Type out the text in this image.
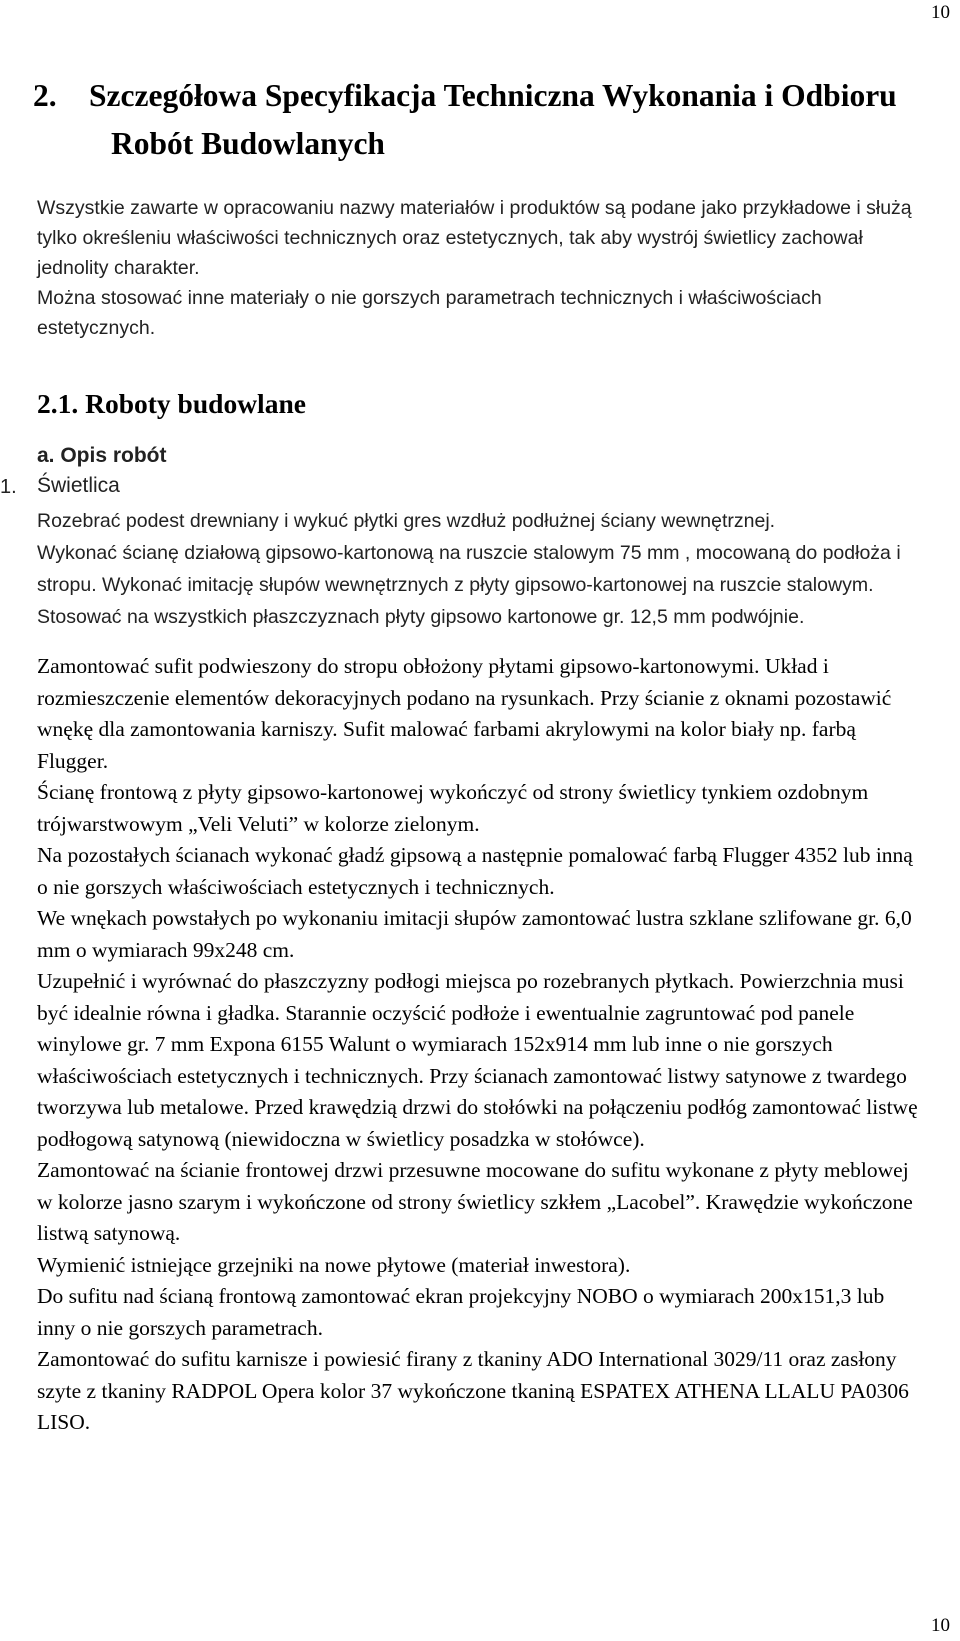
10
2. Szczegółowa Specyfikacja Techniczna Wykonania i Odbioru
Robót Budowlanych

Wszystkie zawarte w opracowaniu nazwy materiałów i produktów są podane jako przykładowe i służą tylko określeniu właściwości technicznych oraz estetycznych, tak aby wystrój świetlicy zachował jednolity charakter.

Można stosować inne materiały o nie gorszych parametrach technicznych i właściwościach estetycznych.

2.1. Roboty budowlane
a. Opis robót
1. Świetlica

Rozebrać podest drewniany i wykuć płytki gres wzdłuż podłużnej ściany wewnętrznej.

Wykonać ścianę działową gipsowo-kartonową na ruszcie stalowym 75 mm , mocowaną do podłoża i stropu. Wykonać imitację słupów wewnętrznych z płyty gipsowo-kartonowej na ruszcie stalowym. Stosować na wszystkich płaszczyznach płyty gipsowo kartonowe gr. 12,5 mm podwójnie.

Zamontować sufit podwieszony do stropu obłożony płytami gipsowo-kartonowymi. Układ i rozmieszczenie elementów dekoracyjnych podano na rysunkach. Przy ścianie z oknami pozostawić wnękę dla zamontowania karniszy. Sufit malować farbami akrylowymi na kolor biały np. farbą Flugger.

Ścianę frontową z płyty gipsowo-kartonowej wykończyć od strony świetlicy tynkiem ozdobnym trójwarstwowym „Veli Veluti” w kolorze zielonym.

Na pozostałych ścianach wykonać gładź gipsową a następnie pomalować farbą Flugger 4352 lub inną o nie gorszych właściwościach estetycznych i technicznych.

We wnękach powstałych po wykonaniu imitacji słupów zamontować lustra szklane szlifowane gr. 6,0 mm o wymiarach 99x248 cm.

Uzupełnić i wyrównać do płaszczyzny podłogi miejsca po rozebranych płytkach. Powierzchnia musi być idealnie równa i gładka. Starannie oczyścić podłoże i ewentualnie zagruntować pod panele winylowe gr. 7 mm Expona 6155 Walunt o wymiarach 152x914 mm lub inne o nie gorszych właściwościach estetycznych i technicznych. Przy ścianach zamontować listwy satynowe z twardego tworzywa lub metalowe. Przed krawędzią drzwi do stołówki na połączeniu podłóg zamontować listwę podłogową satynową (niewidoczna w świetlicy posadzka w stołówce).

Zamontować na ścianie frontowej drzwi przesuwne mocowane do sufitu wykonane z płyty meblowej w kolorze jasno szarym i wykończone od strony świetlicy szkłem „Lacobel”. Krawędzie wykończone listwą satynową.

Wymienić istniejące grzejniki na nowe płytowe (materiał inwestora).

Do sufitu nad ścianą frontową zamontować ekran projekcyjny NOBO o wymiarach 200x151,3 lub inny o nie gorszych parametrach.

Zamontować do sufitu karnisze i powiesić firany z tkaniny ADO International 3029/11 oraz zasłony szyte z tkaniny RADPOL Opera kolor 37 wykończone tkaniną ESPATEX ATHENA LLALU PA0306 LISO.

10
